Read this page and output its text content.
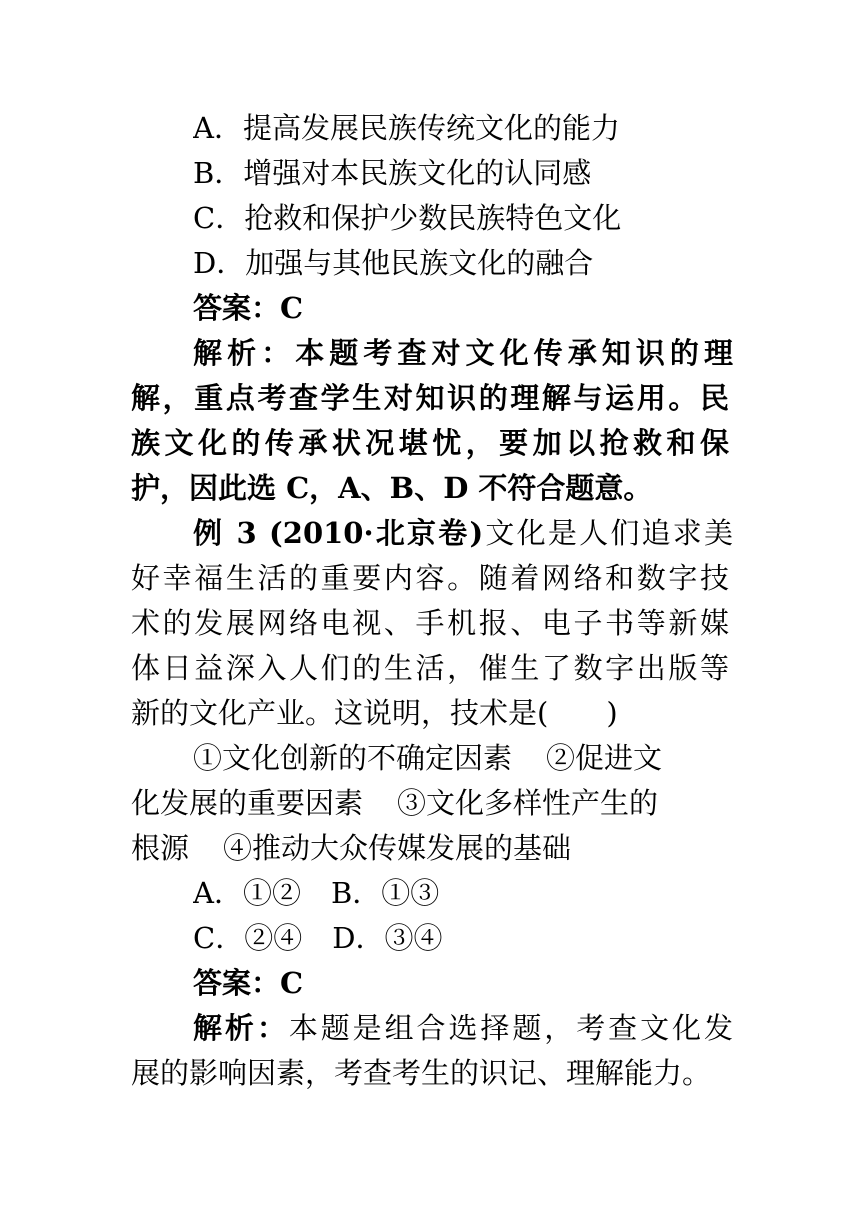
A．提高发展民族传统文化的能力
B．增强对本民族文化的认同感
C．抢救和保护少数民族特色文化
D．加强与其他民族文化的融合
答案：C
解析：本题考查对文化传承知识的理
解，重点考查学生对知识的理解与运用。民
族文化的传承状况堪忧，要加以抢救和保
护，因此选 C，A、B、D 不符合题意。
例 3 (2010·北京卷)文化是人们追求美
好幸福生活的重要内容。随着网络和数字技
术的发展网络电视、手机报、电子书等新媒
体日益深入人们的生活，催生了数字出版等
新的文化产业。这说明，技术是(　　)
①文化创新的不确定因素 ②促进文
化发展的重要因素 ③文化多样性产生的
根源 ④推动大众传媒发展的基础
A．①② B．①③
C．②④ D．③④
答案：C
解析：本题是组合选择题，考查文化发
展的影响因素，考查考生的识记、理解能力。
